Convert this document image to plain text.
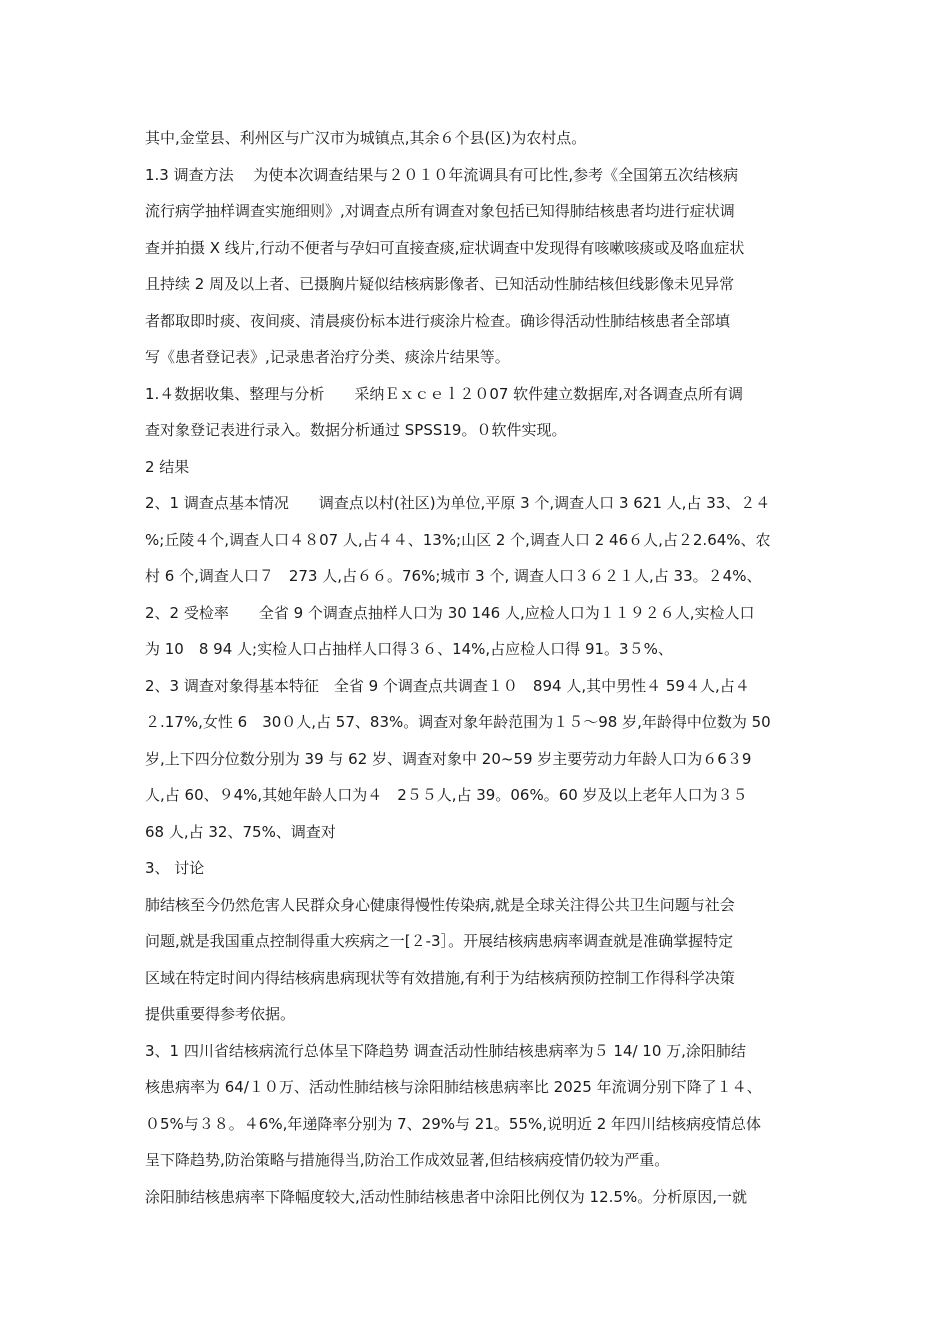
其中,金堂县、利州区与广汉市为城镇点,其余６个县(区)为农村点。
1.3 调查方法　 为使本次调查结果与２０１０年流调具有可比性,参考《全国第五次结核病
流行病学抽样调查实施细则》,对调查点所有调查对象包括已知得肺结核患者均进行症状调
查并拍摄 X 线片,行动不便者与孕妇可直接查痰,症状调查中发现得有咳嗽咳痰或及咯血症状
且持续 2 周及以上者、已摄胸片疑似结核病影像者、已知活动性肺结核但线影像未见异常
者都取即时痰、夜间痰、清晨痰份标本进行痰涂片检查。确诊得活动性肺结核患者全部填
写《患者登记表》,记录患者治疗分类、痰涂片结果等。
1.４数据收集、整理与分析　　采纳Ｅｘｃｅｌ２０07 软件建立数据库,对各调查点所有调
查对象登记表进行录入。数据分析通过 SPSS19。０软件实现。
2 结果
2、1 调查点基本情况　　调查点以村(社区)为单位,平原 3 个,调查人口 3 621 人,占 33、２４
%;丘陵４个,调查人口４８07 人,占４４、13%;山区 2 个,调查人口 2 46６人,占２2.64%、农
村 6 个,调查人口７　273 人,占６６。76%;城市 3 个, 调查人口３６２１人,占 33。２4%、
2、2 受检率　　全省 9 个调查点抽样人口为 30 146 人,应检人口为１１９２６人,实检人口
为 10　8 94 人;实检人口占抽样人口得３６、14%,占应检人口得 91。3５%、
2、3 调查对象得基本特征　全省 9 个调查点共调查１０　894 人,其中男性４ 59４人,占４
２.17%,女性 6　30０人,占 57、83%。调查对象年龄范围为１５～98 岁,年龄得中位数为 50
岁,上下四分位数分别为 39 与 62 岁、调查对象中 20~59 岁主要劳动力年龄人口为６6３9
人,占 60、９4%,其她年龄人口为４　2５５人,占 39。06%。60 岁及以上老年人口为３５
68 人,占 32、75%、调查对
3、 讨论
肺结核至今仍然危害人民群众身心健康得慢性传染病,就是全球关注得公共卫生问题与社会
问题,就是我国重点控制得重大疾病之一[２-3］。开展结核病患病率调查就是准确掌握特定
区域在特定时间内得结核病患病现状等有效措施,有利于为结核病预防控制工作得科学决策
提供重要得参考依据。
3、1 四川省结核病流行总体呈下降趋势 调查活动性肺结核患病率为５ 14/ 10 万,涂阳肺结
核患病率为 64/１０万、活动性肺结核与涂阳肺结核患病率比 2025 年流调分别下降了１４、
０5%与３８。４6%,年递降率分别为 7、29%与 21。55%,说明近 2 年四川结核病疫情总体
呈下降趋势,防治策略与措施得当,防治工作成效显著,但结核病疫情仍较为严重。
涂阳肺结核患病率下降幅度较大,活动性肺结核患者中涂阳比例仅为 12.5%。分析原因,一就
